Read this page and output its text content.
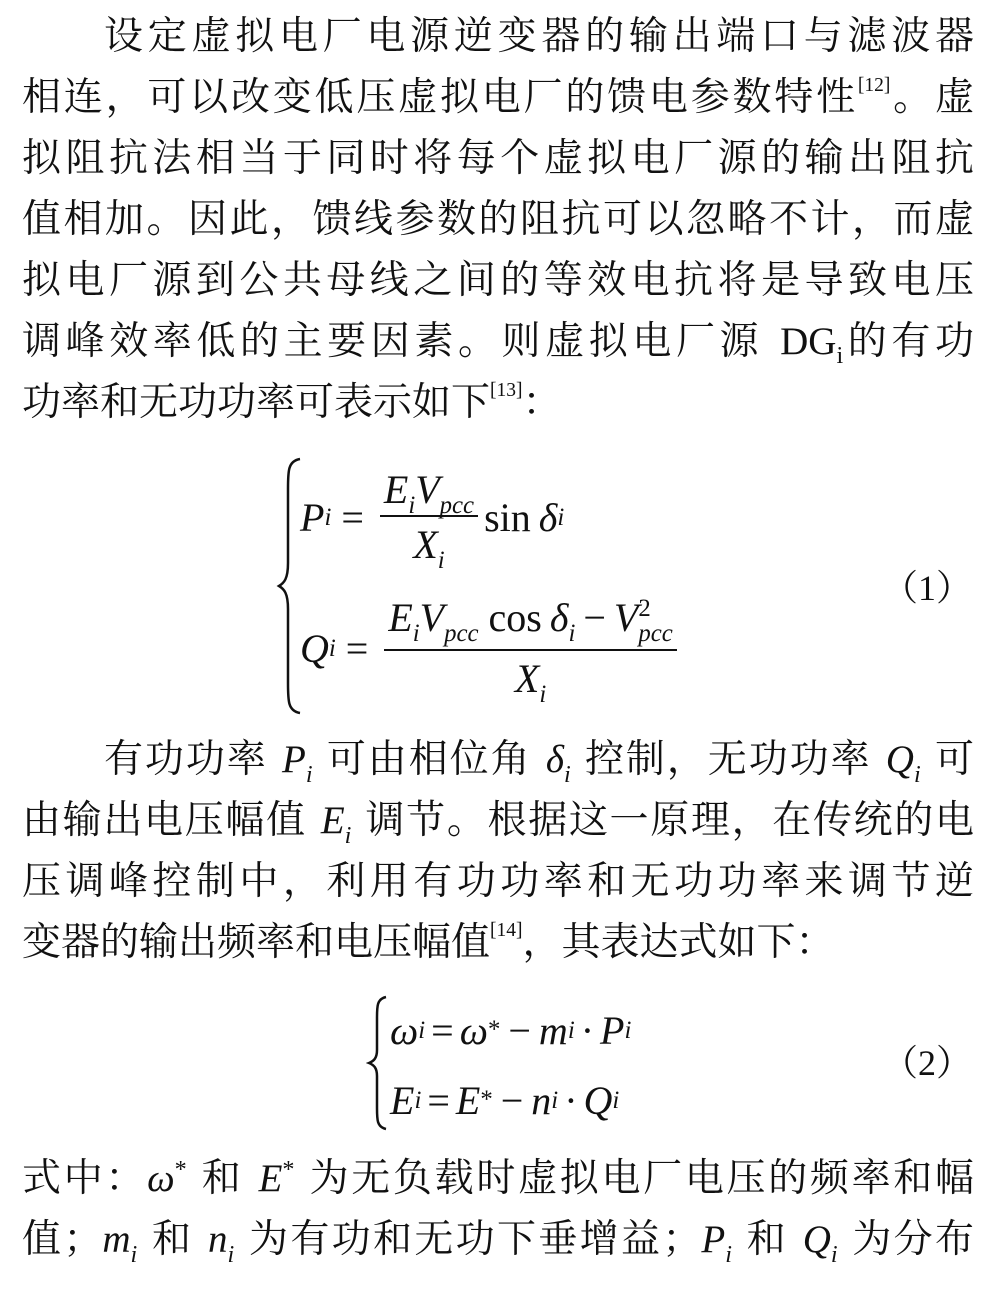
设定虚拟电厂电源逆变器的输出端口与滤波器
相连，可以改变低压虚拟电厂的馈电参数特性[12]。虚
拟阻抗法相当于同时将每个虚拟电厂源的输出阻抗
值相加。因此，馈线参数的阻抗可以忽略不计，而虚
拟电厂源到公共母线之间的等效电抗将是导致电压
调峰效率低的主要因素。则虚拟电厂源 $DG_i$的有功
功率和无功功率可表示如下[13]：
$P_i = \frac{E_iV_{pcc}}{X_i}$ $\sin \delta_i$
$Q_i = E_iV_{pcc}$ $\cos \delta_i - V$ 2
pcc
$X_i$
（1）
有功功率 $P_i$ 可由相位角 $\delta_i$ 控制，无功功率 $Q_i$ 可
由输出电压幅值 $E_i$ 调节。根据这一原理，在传统的电
压调峰控制中，利用有功功率和无功功率来调节逆
变器的输出频率和电压幅值[14]，其表达式如下：
$\omega_i = \omega$ * − $m_i \cdot P_i$
$E_i = E$ * − $n_i \cdot Q_i$
（2）
式中：ω* 和 E* 为无负载时虚拟电厂电压的频率和幅
值；$m_i$ 和 $n_i$ 为有功和无功下垂增益；$P_i$ 和 $Q_i$ 为分布
